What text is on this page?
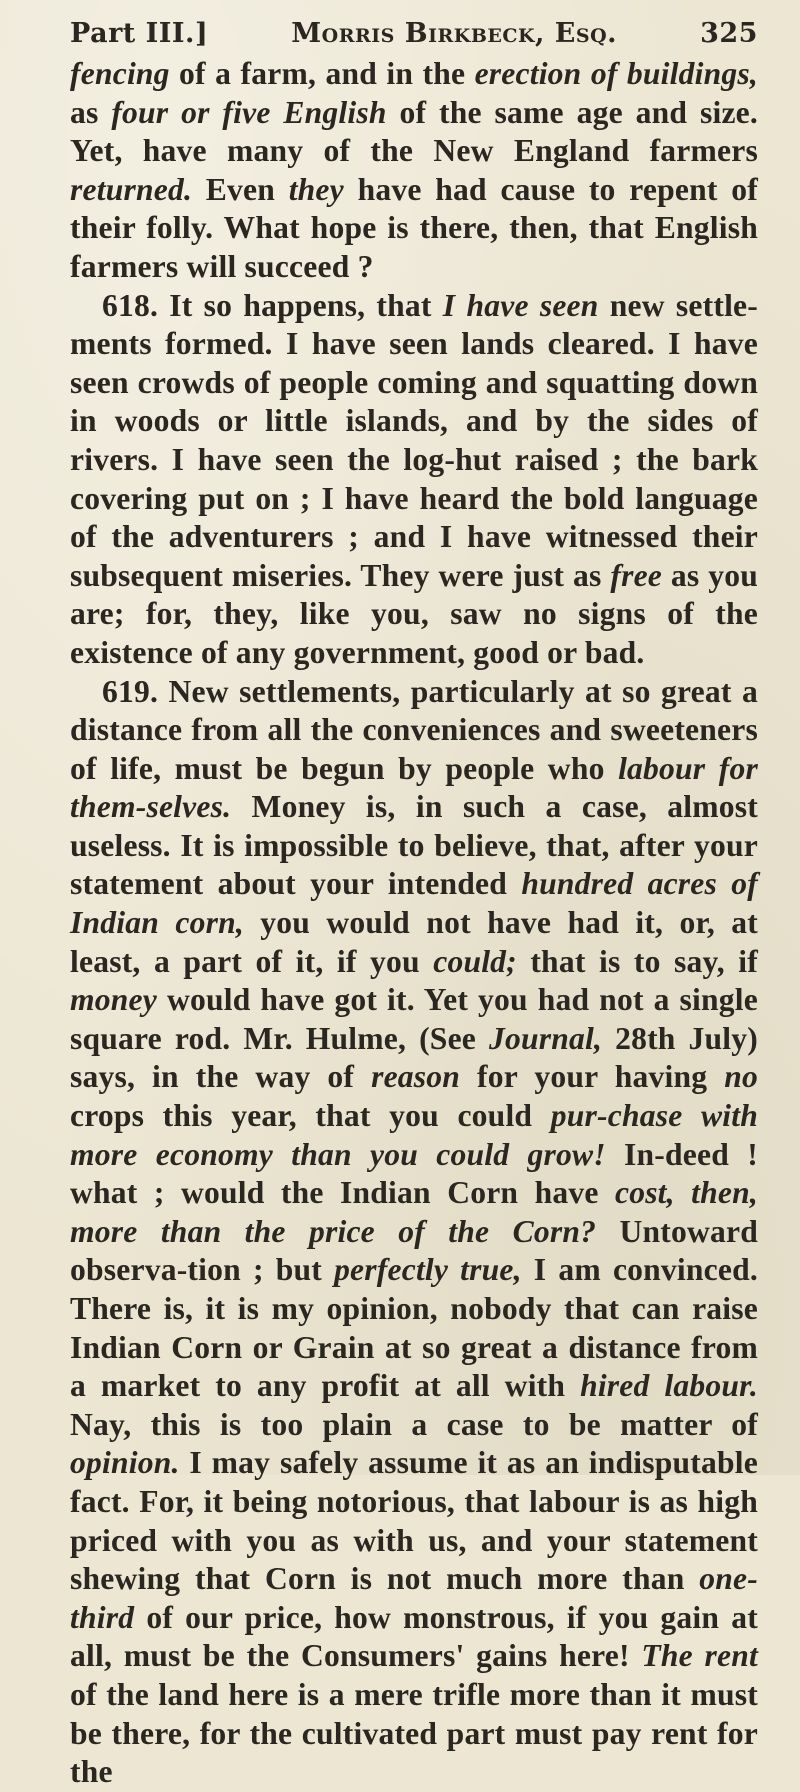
Part III.]	Morris Birkbeck, Esq.	325

fencing of a farm, and in the erection of buildings, as four or five English of the same age and size. Yet, have many of the New England farmers returned. Even they have had cause to repent of their folly. What hope is there, then, that English farmers will succeed ?

618. It so happens, that I have seen new settle-ments formed. I have seen lands cleared. I have seen crowds of people coming and squatting down in woods or little islands, and by the sides of rivers. I have seen the log-hut raised ; the bark covering put on ; I have heard the bold language of the adventurers ; and I have witnessed their subsequent miseries. They were just as free as you are; for, they, like you, saw no signs of the existence of any government, good or bad.

619. New settlements, particularly at so great a distance from all the conveniences and sweeteners of life, must be begun by people who labour for them-selves. Money is, in such a case, almost useless. It is impossible to believe, that, after your statement about your intended hundred acres of Indian corn, you would not have had it, or, at least, a part of it, if you could; that is to say, if money would have got it. Yet you had not a single square rod. Mr. Hulme, (See Journal, 28th July) says, in the way of reason for your having no crops this year, that you could pur-chase with more economy than you could grow! In-deed ! what ; would the Indian Corn have cost, then, more than the price of the Corn? Untoward observa-tion ; but perfectly true, I am convinced. There is, it is my opinion, nobody that can raise Indian Corn or Grain at so great a distance from a market to any profit at all with hired labour. Nay, this is too plain a case to be matter of opinion. I may safely assume it as an indisputable fact. For, it being notorious, that labour is as high priced with you as with us, and your statement shewing that Corn is not much more than one-third of our price, how monstrous, if you gain at all, must be the Consumers' gains here! The rent of the land here is a mere trifle more than it must be there, for the cultivated part must pay rent for the
